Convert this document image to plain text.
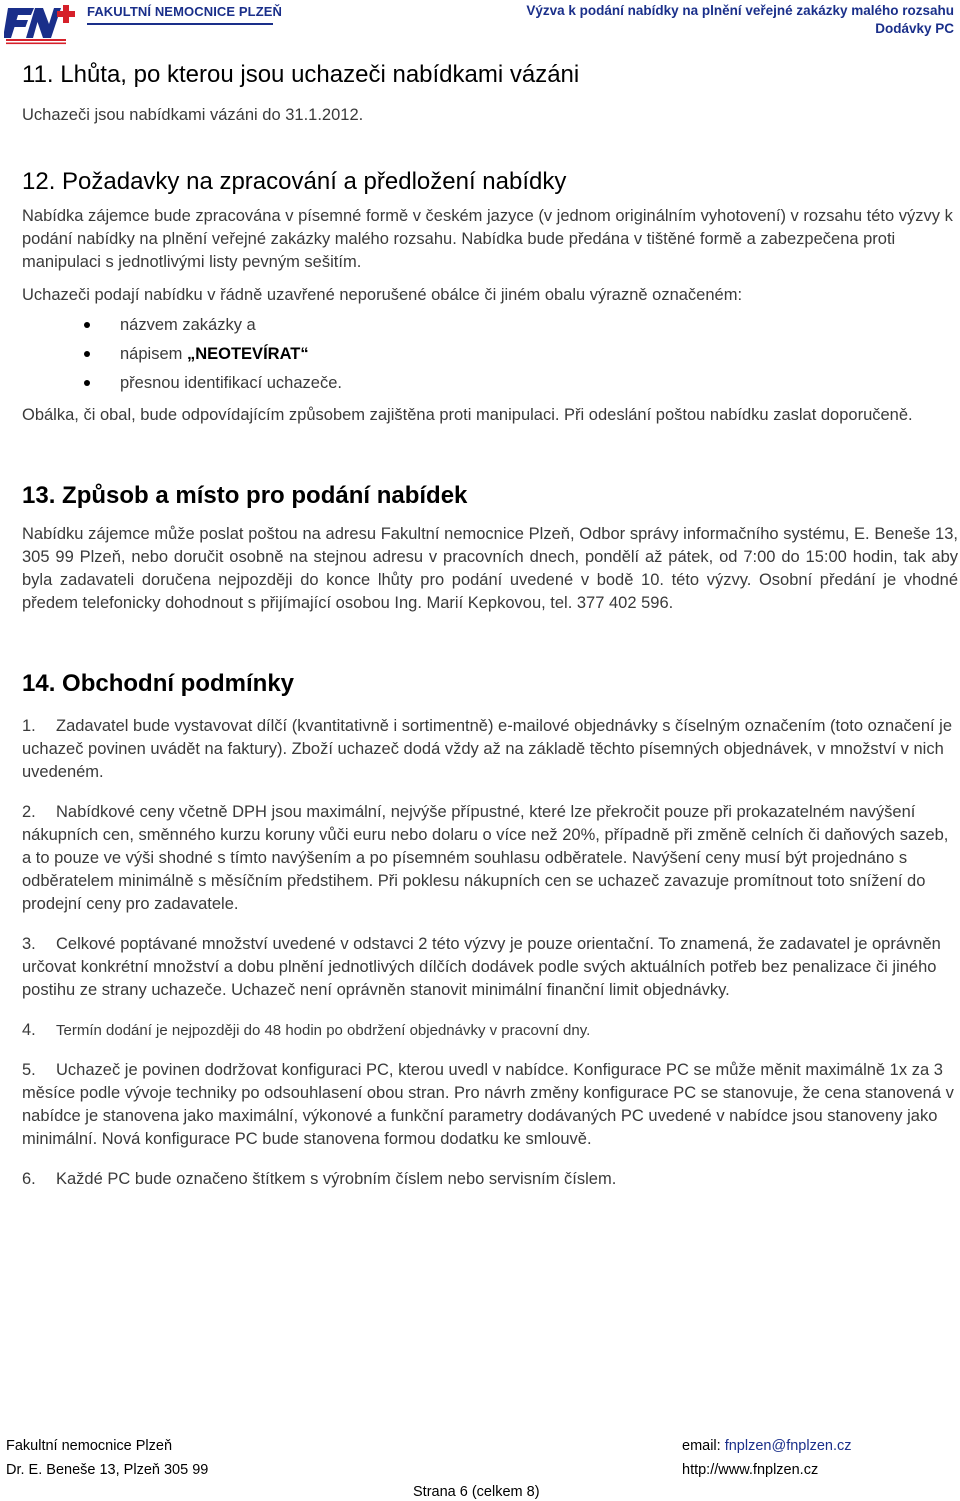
FAKULTNÍ NEMOCNICE PLZEŇ	Výzva k podání nabídky na plnění veřejné zakázky malého rozsahu
Dodávky PC
11. Lhůta, po kterou jsou uchazeči nabídkami vázáni

Uchazeči jsou nabídkami vázáni do 31.1.2012.

12. Požadavky na zpracování a předložení nabídky

Nabídka zájemce bude zpracována v písemné formě v českém jazyce (v jednom originálním vyhotovení) v rozsahu této výzvy k podání nabídky na plnění veřejné zakázky malého rozsahu. Nabídka bude předána v tištěné formě a zabezpečena proti manipulaci s jednotlivými listy pevným sešitím.

Uchazeči podají nabídku v řádně uzavřené neporušené obálce či jiném obalu výrazně označeném:

názvem zakázky a
nápisem „NEOTEVÍRAT“
přesnou identifikací uchazeče.

Obálka, či obal, bude odpovídajícím způsobem zajištěna proti manipulaci. Při odeslání poštou nabídku zaslat doporučeně.

13. Způsob a místo pro podání nabídek

Nabídku zájemce může poslat poštou na adresu Fakultní nemocnice Plzeň, Odbor správy informačního systému, E. Beneše 13, 305 99 Plzeň, nebo doručit osobně na stejnou adresu v pracovních dnech, pondělí až pátek, od 7:00 do 15:00 hodin, tak aby byla zadavateli doručena nejpozději do konce lhůty pro podání uvedené v bodě 10. této výzvy. Osobní předání je vhodné předem telefonicky dohodnout s přijímající osobou Ing. Marií Kepkovou, tel. 377 402 596.

14. Obchodní podmínky

1. Zadavatel bude vystavovat dílčí (kvantitativně i sortimentně) e-mailové objednávky s číselným označením (toto označení je uchazeč povinen uvádět na faktury). Zboží uchazeč dodá vždy až na základě těchto písemných objednávek, v množství v nich uvedeném.

2. Nabídkové ceny včetně DPH jsou maximální, nejvýše přípustné, které lze překročit pouze při prokazatelném navýšení nákupních cen, směnného kurzu koruny vůči euru nebo dolaru o více než 20%, případně při změně celních či daňových sazeb, a to pouze ve výši shodné s tímto navýšením a po písemném souhlasu odběratele. Navýšení ceny musí být projednáno s odběratelem minimálně s měsíčním předstihem. Při poklesu nákupních cen se uchazeč zavazuje promítnout toto snížení do prodejní ceny pro zadavatele.

3. Celkové poptávané množství uvedené v odstavci 2 této výzvy je pouze orientační. To znamená, že zadavatel je oprávněn určovat konkrétní množství a dobu plnění jednotlivých dílčích dodávek podle svých aktuálních potřeb bez penalizace či jiného postihu ze strany uchazeče. Uchazeč není oprávněn stanovit minimální finanční limit objednávky.

4. Termín dodání je nejpozději do 48 hodin po obdržení objednávky v pracovní dny.

5. Uchazeč je povinen dodržovat konfiguraci PC, kterou uvedl v nabídce. Konfigurace PC se může měnit maximálně 1x za 3 měsíce podle vývoje techniky po odsouhlasení obou stran. Pro návrh změny konfigurace PC se stanovuje, že cena stanovená v nabídce je stanovena jako maximální, výkonové a funkční parametry dodávaných PC uvedené v nabídce jsou stanoveny jako minimální. Nová konfigurace PC bude stanovena formou dodatku ke smlouvě.

6. Každé PC bude označeno štítkem s výrobním číslem nebo servisním číslem.

Fakultní nemocnice Plzeň
Dr. E. Beneše 13, Plzeň 305 99
email: fnplzen@fnplzen.cz
http://www.fnplzen.cz
Strana 6 (celkem 8)
